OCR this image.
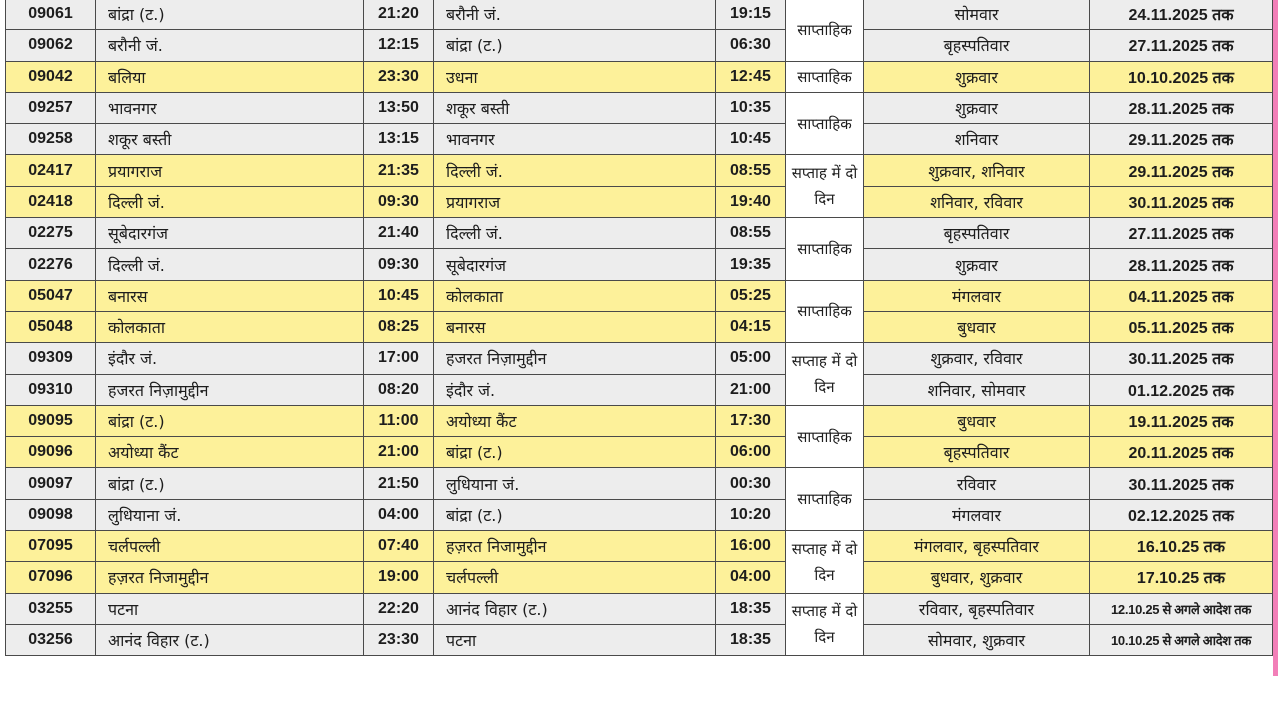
09061	बांद्रा (ट.)	21:20	बरौनी जं.	19:15	साप्ताहिक	सोमवार	24.11.2025 तक
09062	बरौनी जं.	12:15	बांद्रा (ट.)	06:30		बृहस्पतिवार	27.11.2025 तक
09042	बलिया	23:30	उधना	12:45	साप्ताहिक	शुक्रवार	10.10.2025 तक
09257	भावनगर	13:50	शकूर बस्ती	10:35	साप्ताहिक	शुक्रवार	28.11.2025 तक
09258	शकूर बस्ती	13:15	भावनगर	10:45		शनिवार	29.11.2025 तक
02417	प्रयागराज	21:35	दिल्ली जं.	08:55	सप्ताह में दो दिन	शुक्रवार, शनिवार	29.11.2025 तक
02418	दिल्ली जं.	09:30	प्रयागराज	19:40		शनिवार, रविवार	30.11.2025 तक
02275	सूबेदारगंज	21:40	दिल्ली जं.	08:55	साप्ताहिक	बृहस्पतिवार	27.11.2025 तक
02276	दिल्ली जं.	09:30	सूबेदारगंज	19:35		शुक्रवार	28.11.2025 तक
05047	बनारस	10:45	कोलकाता	05:25	साप्ताहिक	मंगलवार	04.11.2025 तक
05048	कोलकाता	08:25	बनारस	04:15		बुधवार	05.11.2025 तक
09309	इंदौर जं.	17:00	हजरत निज़ामुद्दीन	05:00	सप्ताह में दो दिन	शुक्रवार, रविवार	30.11.2025 तक
09310	हजरत निज़ामुद्दीन	08:20	इंदौर जं.	21:00		शनिवार, सोमवार	01.12.2025 तक
09095	बांद्रा (ट.)	11:00	अयोध्या कैंट	17:30	साप्ताहिक	बुधवार	19.11.2025 तक
09096	अयोध्या कैंट	21:00	बांद्रा (ट.)	06:00		बृहस्पतिवार	20.11.2025 तक
09097	बांद्रा (ट.)	21:50	लुधियाना जं.	00:30	साप्ताहिक	रविवार	30.11.2025 तक
09098	लुधियाना जं.	04:00	बांद्रा (ट.)	10:20		मंगलवार	02.12.2025 तक
07095	चर्लपल्ली	07:40	हज़रत निजामुद्दीन	16:00	सप्ताह में दो दिन	मंगलवार, बृहस्पतिवार	16.10.25 तक
07096	हज़रत निजामुद्दीन	19:00	चर्लपल्ली	04:00		बुधवार, शुक्रवार	17.10.25 तक
03255	पटना	22:20	आनंद विहार (ट.)	18:35	सप्ताह में दो दिन	रविवार, बृहस्पतिवार	12.10.25 से अगले आदेश तक
03256	आनंद विहार (ट.)	23:30	पटना	18:35		सोमवार, शुक्रवार	10.10.25 से अगले आदेश तक
